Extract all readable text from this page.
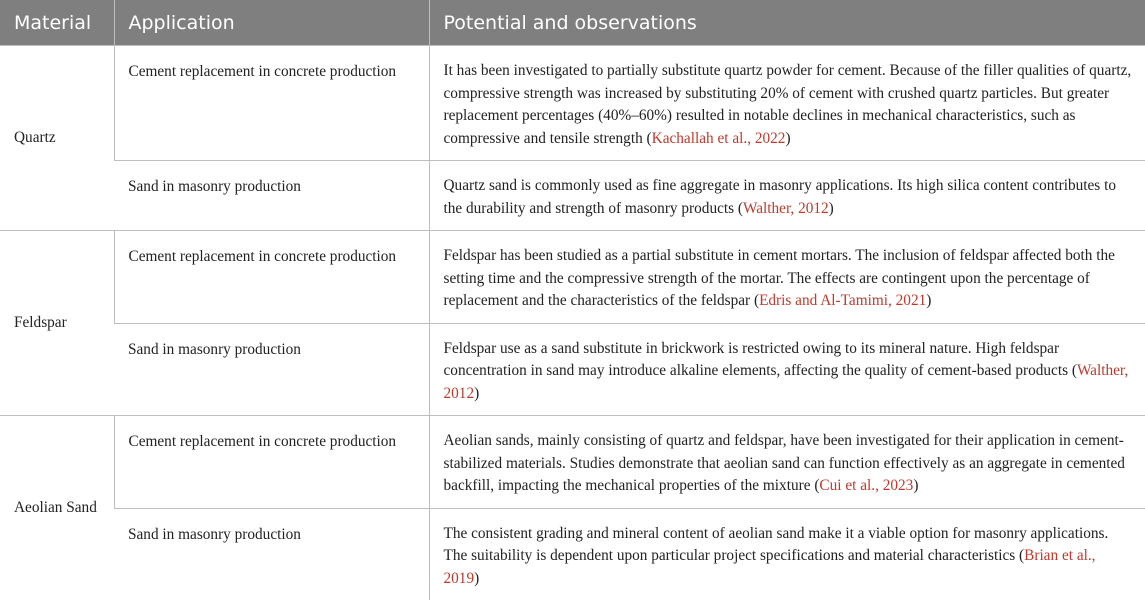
Material	Application	Potential and observations
Quartz	Cement replacement in concrete production	It has been investigated to partially substitute quartz powder for cement. Because of the filler qualities of quartz, compressive strength was increased by substituting 20% of cement with crushed quartz particles. But greater replacement percentages (40%–60%) resulted in notable declines in mechanical characteristics, such as compressive and tensile strength (Kachallah et al., 2022)
	Sand in masonry production	Quartz sand is commonly used as fine aggregate in masonry applications. Its high silica content contributes to the durability and strength of masonry products (Walther, 2012)
Feldspar	Cement replacement in concrete production	Feldspar has been studied as a partial substitute in cement mortars. The inclusion of feldspar affected both the setting time and the compressive strength of the mortar. The effects are contingent upon the percentage of replacement and the characteristics of the feldspar (Edris and Al-Tamimi, 2021)
	Sand in masonry production	Feldspar use as a sand substitute in brickwork is restricted owing to its mineral nature. High feldspar concentration in sand may introduce alkaline elements, affecting the quality of cement-based products (Walther, 2012)
Aeolian Sand	Cement replacement in concrete production	Aeolian sands, mainly consisting of quartz and feldspar, have been investigated for their application in cement-stabilized materials. Studies demonstrate that aeolian sand can function effectively as an aggregate in cemented backfill, impacting the mechanical properties of the mixture (Cui et al., 2023)
	Sand in masonry production	The consistent grading and mineral content of aeolian sand make it a viable option for masonry applications. The suitability is dependent upon particular project specifications and material characteristics (Brian et al., 2019)
